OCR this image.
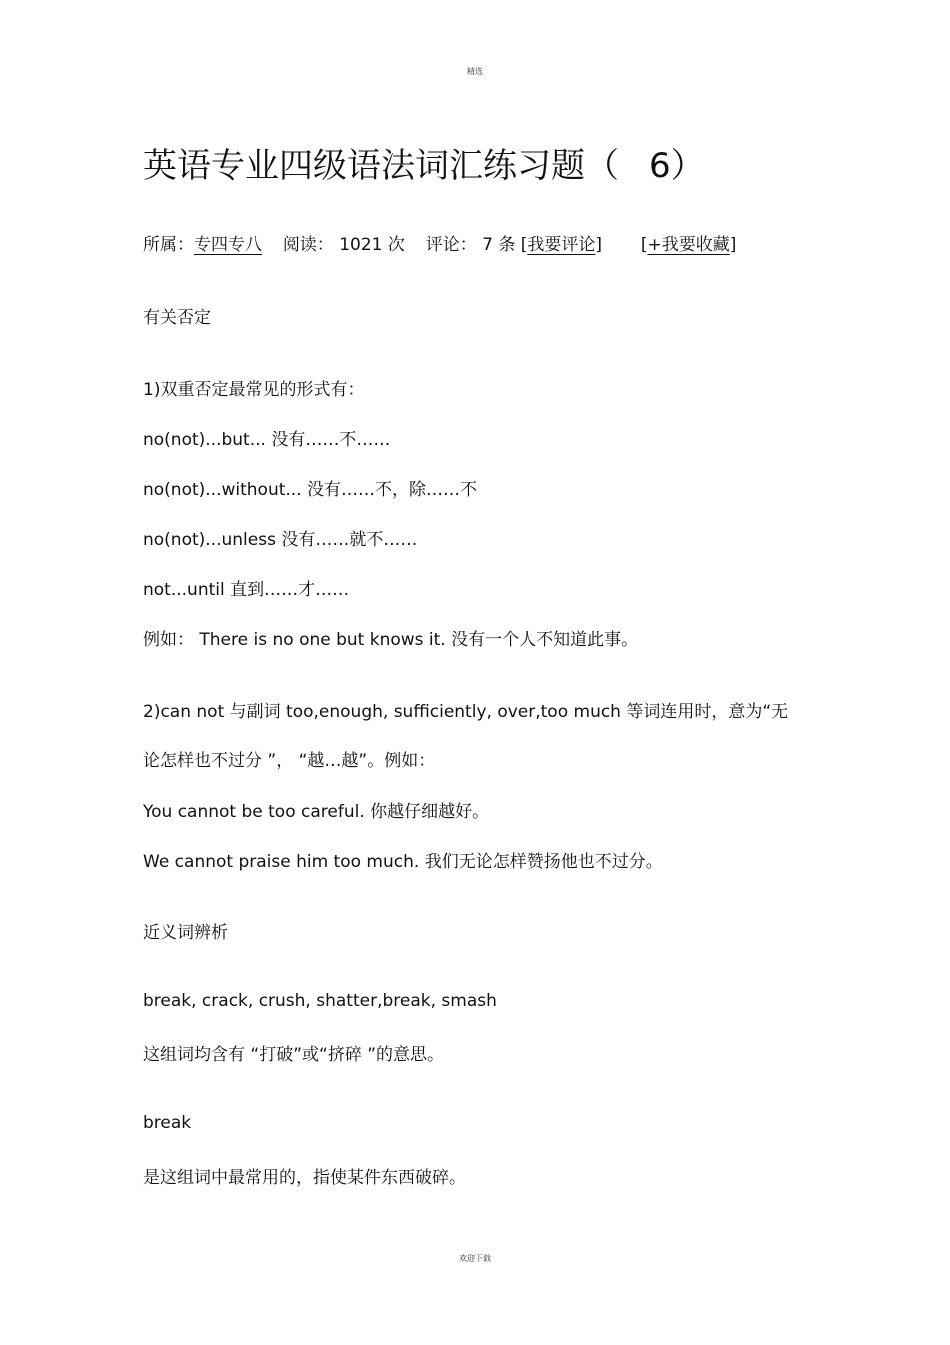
精选
英语专业四级语法词汇练习题（ 6）
所属：专四专八 阅读： 1021 次 评论： 7 条 [我要评论] [+我要收藏]
有关否定
1)双重否定最常见的形式有：
no(not)...but... 没有……不……
no(not)...without... 没有……不，除……不
no(not)...unless 没有……就不……
not...until 直到……才……
例如： There is no one but knows it. 没有一个人不知道此事。
2)can not 与副词 too,enough, sufficiently, over,too much 等词连用时，意为“无
论怎样也不过分 ”， “越…越”。例如：
You cannot be too careful. 你越仔细越好。
We cannot praise him too much. 我们无论怎样赞扬他也不过分。
近义词辨析
break, crack, crush, shatter,break, smash
这组词均含有 “打破”或“挤碎 ”的意思。
break
是这组词中最常用的，指使某件东西破碎。
欢迎下载
